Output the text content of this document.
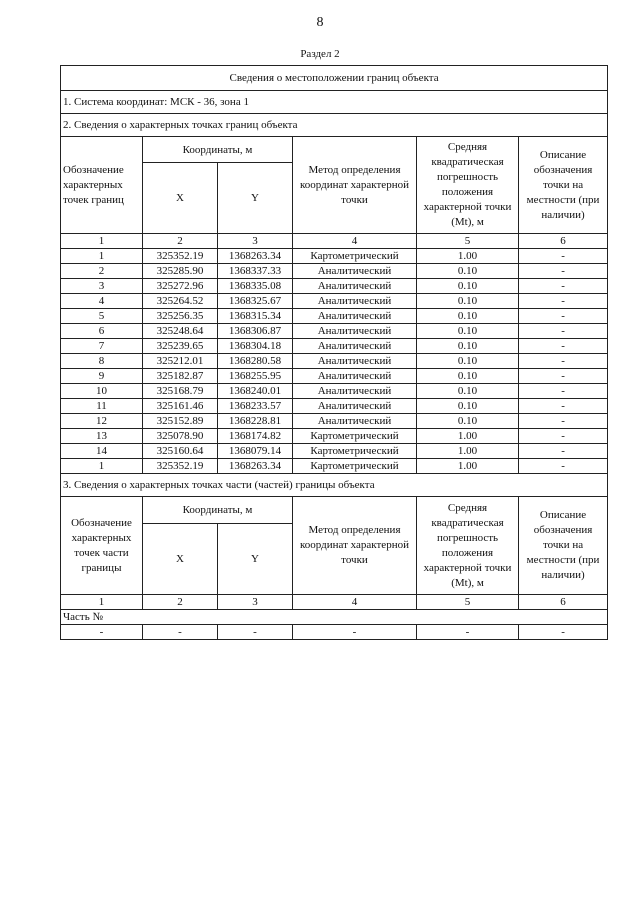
8
Раздел 2
Сведения о местоположении границ объекта					
1. Система координат: МСК - 36, зона 1					
2. Сведения о характерных точках границ объекта					
Обозначение характерных точек границ	Координаты, м		Метод определения координат характерной точки	Средняя квадратическая погрешность положения характерной точки (Mt), м	Описание обозначения точки на местности (при наличии)
	X	Y			
1	2	3	4	5	6
1	325352.19	1368263.34	Картометрический	1.00	-
2	325285.90	1368337.33	Аналитический	0.10	-
3	325272.96	1368335.08	Аналитический	0.10	-
4	325264.52	1368325.67	Аналитический	0.10	-
5	325256.35	1368315.34	Аналитический	0.10	-
6	325248.64	1368306.87	Аналитический	0.10	-
7	325239.65	1368304.18	Аналитический	0.10	-
8	325212.01	1368280.58	Аналитический	0.10	-
9	325182.87	1368255.95	Аналитический	0.10	-
10	325168.79	1368240.01	Аналитический	0.10	-
11	325161.46	1368233.57	Аналитический	0.10	-
12	325152.89	1368228.81	Аналитический	0.10	-
13	325078.90	1368174.82	Картометрический	1.00	-
14	325160.64	1368079.14	Картометрический	1.00	-
1	325352.19	1368263.34	Картометрический	1.00	-
3. Сведения о характерных точках части (частей) границы объекта					
Обозначение характерных точек части границы	Координаты, м		Метод определения координат характерной точки	Средняя квадратическая погрешность положения характерной точки (Mt), м	Описание обозначения точки на местности (при наличии)
	X	Y			
1	2	3	4	5	6
Часть №					
-	-	-	-	-	-
